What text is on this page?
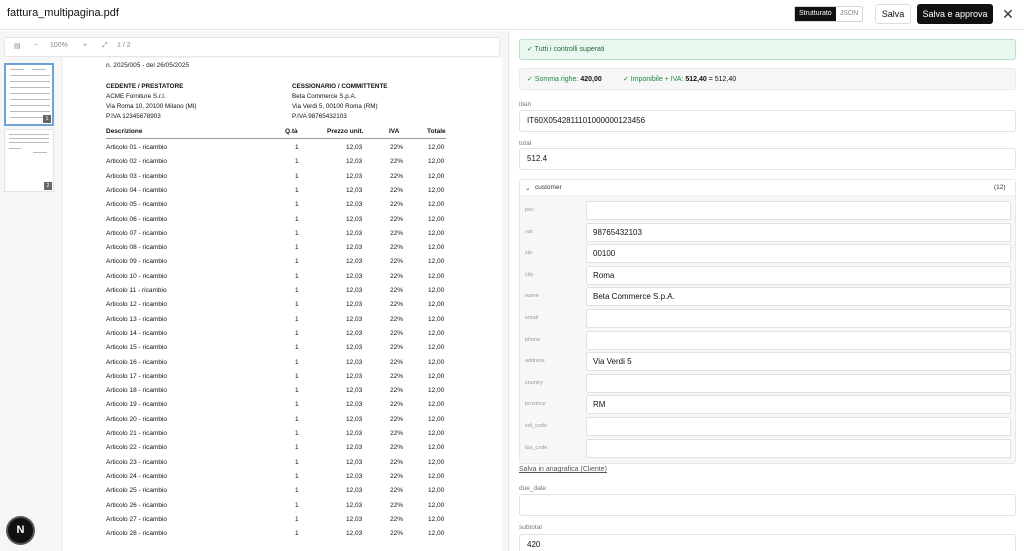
fattura_multipagina.pdf	Strutturato	JSON	Salva	Salva e approva	✕
▤ − 100% + ⤢ 1 / 2
1
2
n. 2025/005 - del 26/05/2025
CEDENTE / PRESTATORE
ACME Forniture S.r.l.
Via Roma 10, 20100 Milano (MI)
P.IVA 12345678903
CESSIONARIO / COMMITTENTE
Beta Commerce S.p.A.
Via Verdi 5, 00100 Roma (RM)
P.IVA 98765432103
Descrizione	Q.tà	Prezzo unit.	IVA	Totale
Articolo 01 - ricambio	1	12,03	22%	12,00
Articolo 02 - ricambio	1	12,03	22%	12,00
Articolo 03 - ricambio	1	12,03	22%	12,00
Articolo 04 - ricambio	1	12,03	22%	12,00
Articolo 05 - ricambio	1	12,03	22%	12,00
Articolo 06 - ricambio	1	12,03	22%	12,00
Articolo 07 - ricambio	1	12,03	22%	12,00
Articolo 08 - ricambio	1	12,03	22%	12,00
Articolo 09 - ricambio	1	12,03	22%	12,00
Articolo 10 - ricambio	1	12,03	22%	12,00
Articolo 11 - ricambio	1	12,03	22%	12,00
Articolo 12 - ricambio	1	12,03	22%	12,00
Articolo 13 - ricambio	1	12,03	22%	12,00
Articolo 14 - ricambio	1	12,03	22%	12,00
Articolo 15 - ricambio	1	12,03	22%	12,00
Articolo 16 - ricambio	1	12,03	22%	12,00
Articolo 17 - ricambio	1	12,03	22%	12,00
Articolo 18 - ricambio	1	12,03	22%	12,00
Articolo 19 - ricambio	1	12,03	22%	12,00
Articolo 20 - ricambio	1	12,03	22%	12,00
Articolo 21 - ricambio	1	12,03	22%	12,00
Articolo 22 - ricambio	1	12,03	22%	12,00
Articolo 23 - ricambio	1	12,03	22%	12,00
Articolo 24 - ricambio	1	12,03	22%	12,00
Articolo 25 - ricambio	1	12,03	22%	12,00
Articolo 26 - ricambio	1	12,03	22%	12,00
Articolo 27 - ricambio	1	12,03	22%	12,00
Articolo 28 - ricambio	1	12,03	22%	12,00
✓ Tutti i controlli superati
✓ Somma righe: 420,00	✓ Imponibile + IVA: 512,40 = 512,40
iban
IT60X0542811101000000123456
total
512.4
⌄ customer	(12)
pec
vat	98765432103
zip	00100
city	Roma
name	Beta Commerce S.p.A.
email
phone
address	Via Verdi 5
country
province	RM
sdi_code
tax_code
Salva in anagrafica (Cliente)
due_date
subtotal
420
N
